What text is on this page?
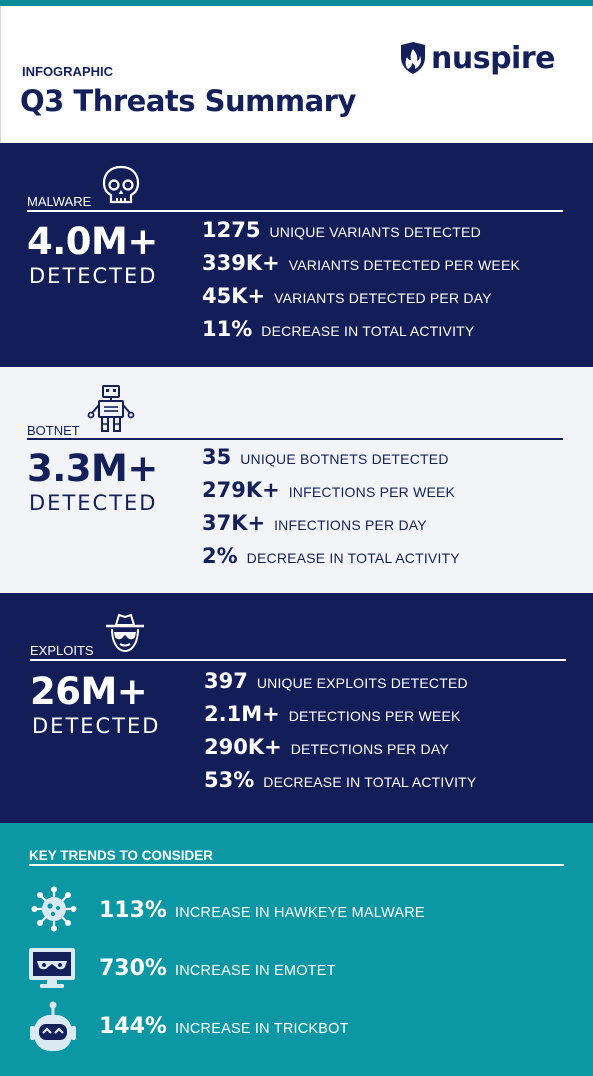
nuspire
INFOGRAPHIC
Q3 Threats Summary
MALWARE
4.0M+
DETECTED
1275 UNIQUE VARIANTS DETECTED
339K+ VARIANTS DETECTED PER WEEK
45K+ VARIANTS DETECTED PER DAY
11% DECREASE IN TOTAL ACTIVITY
BOTNET
3.3M+
DETECTED
35 UNIQUE BOTNETS DETECTED
279K+ INFECTIONS PER WEEK
37K+ INFECTIONS PER DAY
2% DECREASE IN TOTAL ACTIVITY
EXPLOITS
26M+
DETECTED
397 UNIQUE EXPLOITS DETECTED
2.1M+ DETECTIONS PER WEEK
290K+ DETECTIONS PER DAY
53% DECREASE IN TOTAL ACTIVITY
KEY TRENDS TO CONSIDER
113% INCREASE IN HAWKEYE MALWARE
730% INCREASE IN EMOTET
144% INCREASE IN TRICKBOT
